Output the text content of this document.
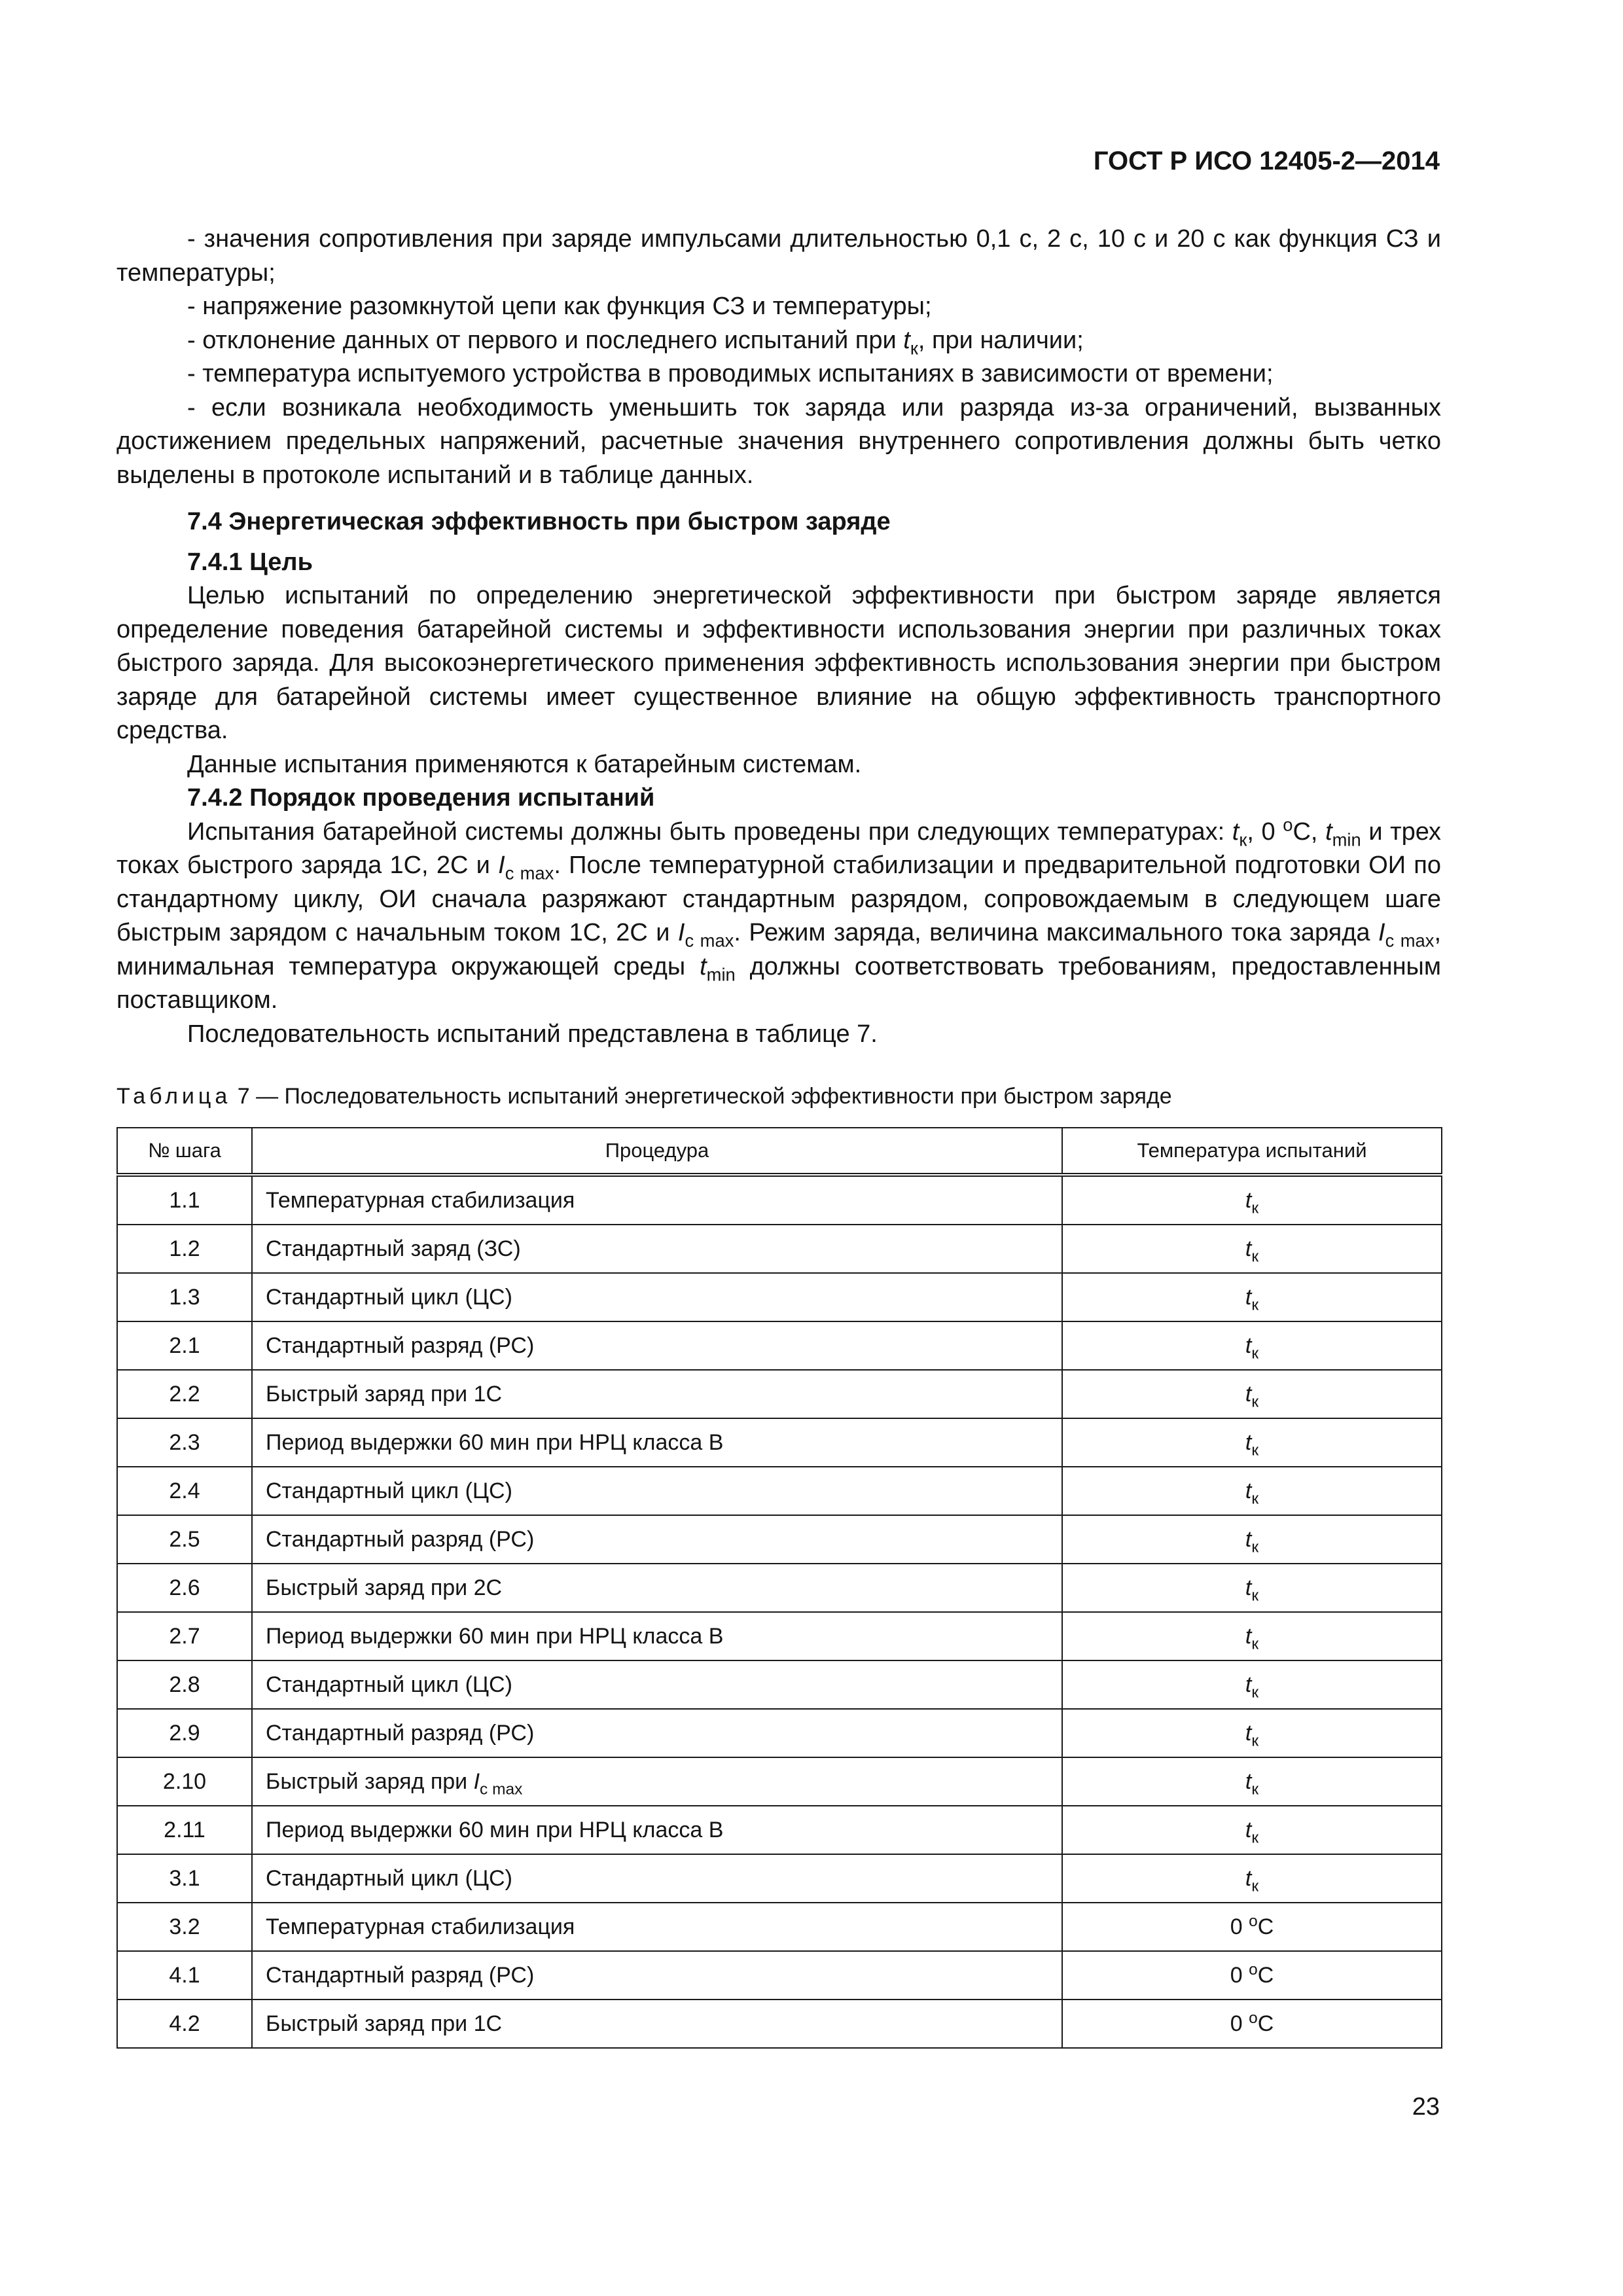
ГОСТ Р ИСО 12405-2—2014

- значения сопротивления при заряде импульсами длительностью 0,1 с, 2 с, 10 с и 20 с как функция СЗ и температуры;

- напряжение разомкнутой цепи как функция СЗ и температуры;

- отклонение данных от первого и последнего испытаний при $t_к$, при наличии;

- температура испытуемого устройства в проводимых испытаниях в зависимости от времени;

- если возникала необходимость уменьшить ток заряда или разряда из-за ограничений, вызванных достижением предельных напряжений, расчетные значения внутреннего сопротивления должны быть четко выделены в протоколе испытаний и в таблице данных.

7.4 Энергетическая эффективность при быстром заряде

7.4.1 Цель

Целью испытаний по определению энергетической эффективности при быстром заряде является определение поведения батарейной системы и эффективности использования энергии при различных токах быстрого заряда. Для высокоэнергетического применения эффективность использования энергии при быстром заряде для батарейной системы имеет существенное влияние на общую эффективность транспортного средства.

Данные испытания применяются к батарейным системам.

7.4.2 Порядок проведения испытаний

Испытания батарейной системы должны быть проведены при следующих температурах: $t_к$, 0 $^o$C, $t_{min}$ и трех токах быстрого заряда 1C, 2C и $I_{c max}$. После температурной стабилизации и предварительной подготовки ОИ по стандартному циклу, ОИ сначала разряжают стандартным разрядом, сопровождаемым в следующем шаге быстрым зарядом с начальным током 1C, 2C и $I_{c max}$. Режим заряда, величина максимального тока заряда $I_{c max}$, минимальная температура окружающей среды $t_{min}$ должны соответствовать требованиям, предоставленным поставщиком.

Последовательность испытаний представлена в таблице 7.

Таблица 7 — Последовательность испытаний энергетической эффективности при быстром заряде
№ шага	Процедура	Температура испытаний
1.1	Температурная стабилизация	$t_к$
1.2	Стандартный заряд (ЗС)	$t_к$
1.3	Стандартный цикл (ЦС)	$t_к$
2.1	Стандартный разряд (РС)	$t_к$
2.2	Быстрый заряд при 1C	$t_к$
2.3	Период выдержки 60 мин при НРЦ класса В	$t_к$
2.4	Стандартный цикл (ЦС)	$t_к$
2.5	Стандартный разряд (РС)	$t_к$
2.6	Быстрый заряд при 2C	$t_к$
2.7	Период выдержки 60 мин при НРЦ класса В	$t_к$
2.8	Стандартный цикл (ЦС)	$t_к$
2.9	Стандартный разряд (РС)	$t_к$
2.10	Быстрый заряд при $I_{c max}$	$t_к$
2.11	Период выдержки 60 мин при НРЦ класса В	$t_к$
3.1	Стандартный цикл (ЦС)	$t_к$
3.2	Температурная стабилизация	0 $^o$C
4.1	Стандартный разряд (РС)	0 $^o$C
4.2	Быстрый заряд при 1C	0 $^o$C
23
